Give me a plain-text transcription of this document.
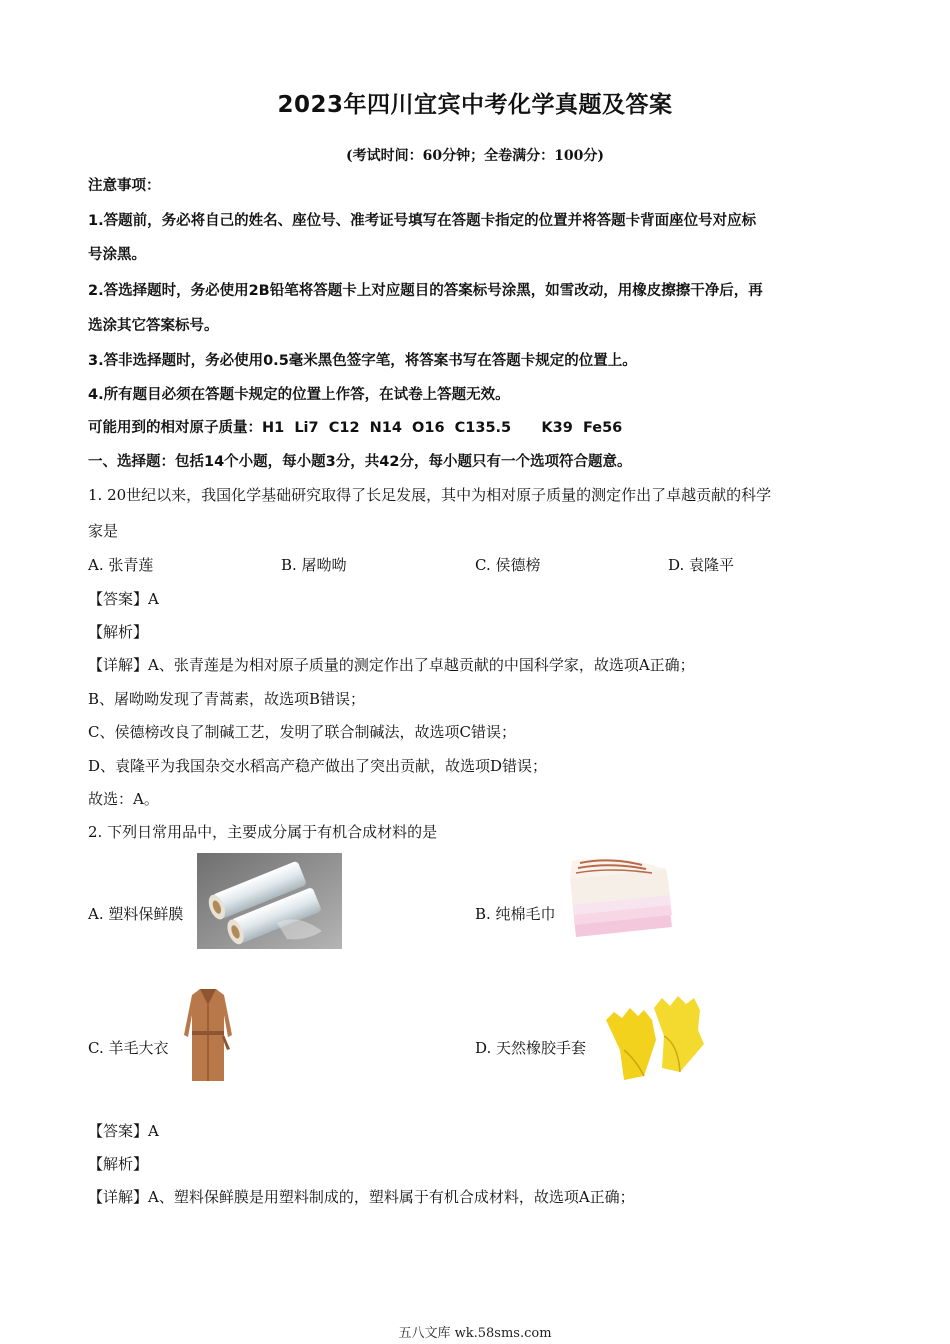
2023年四川宜宾中考化学真题及答案
(考试时间：60分钟；全卷满分：100分)
注意事项：
1.答题前，务必将自己的姓名、座位号、准考证号填写在答题卡指定的位置并将答题卡背面座位号对应标
号涂黑。
2.答选择题时，务必使用2B铅笔将答题卡上对应题目的答案标号涂黑，如雪改动，用橡皮擦擦干净后，再
选涂其它答案标号。
3.答非选择题时，务必使用0.5毫米黑色签字笔，将答案书写在答题卡规定的位置上。
4.所有题目必须在答题卡规定的位置上作答，在试卷上答题无效。
可能用到的相对原子质量：H1  Li7  C12  N14  O16  C135.5      K39  Fe56
一、选择题：包括14个小题，每小题3分，共42分，每小题只有一个选项符合题意。
1. 20世纪以来，我国化学基础研究取得了长足发展，其中为相对原子质量的测定作出了卓越贡献的科学
家是
A. 张青莲	B. 屠呦呦	C. 侯德榜	D. 袁隆平
【答案】A
【解析】
【详解】A、张青莲是为相对原子质量的测定作出了卓越贡献的中国科学家，故选项A正确；
B、屠呦呦发现了青蒿素，故选项B错误；
C、侯德榜改良了制碱工艺，发明了联合制碱法，故选项C错误；
D、袁隆平为我国杂交水稻高产稳产做出了突出贡献，故选项D错误；
故选：A。
2. 下列日常用品中，主要成分属于有机合成材料的是
A. 塑料保鲜膜	B. 纯棉毛巾
C. 羊毛大衣	D. 天然橡胶手套
【答案】A
【解析】
【详解】A、塑料保鲜膜是用塑料制成的，塑料属于有机合成材料，故选项A正确；
五八文库 wk.58sms.com
